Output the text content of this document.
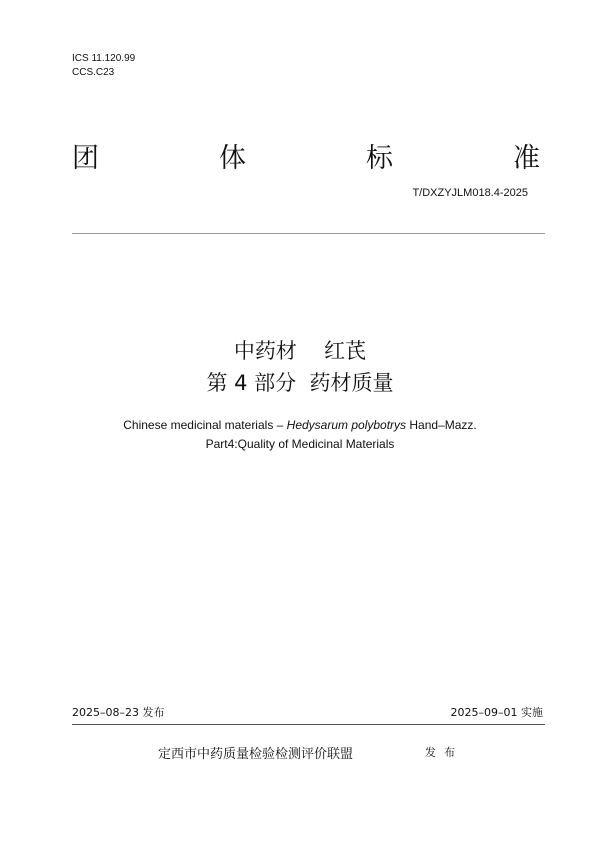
ICS 11.120.99
CCS.C23
团	体	标	准
T/DXZYJLM018.4-2025
中药材 红芪
第 4 部分  药材质量
Chinese medicinal materials – Hedysarum polybotrys Hand–Mazz.
Part4:Quality of Medicinal Materials
2025–08–23 发布	2025–09–01 实施
定西市中药质量检验检测评价联盟	发布
